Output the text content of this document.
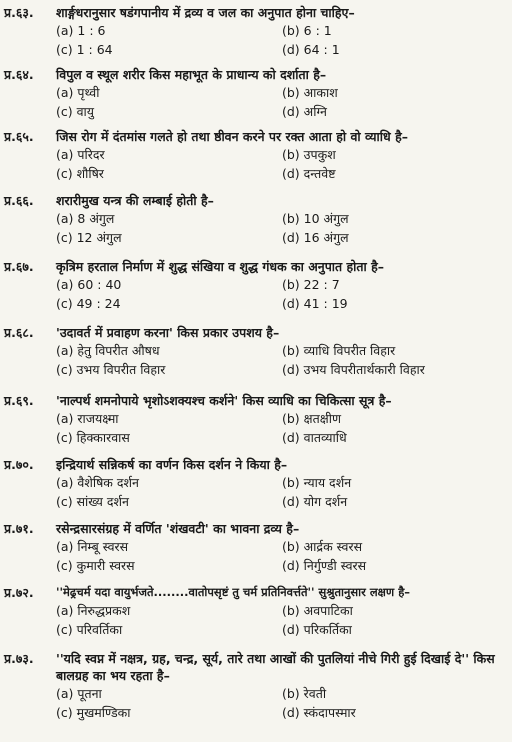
प्र.६३.	शार्ङ्गधरानुसार षडंगपानीय में द्रव्य व जल का अनुपात होना चाहिए–
(a) 1 : 6	(b) 6 : 1
(c) 1 : 64	(d) 64 : 1
प्र.६४.	विपुल व स्थूल शरीर किस महाभूत के प्राधान्य को दर्शाता है–
(a) पृथ्वी	(b) आकाश
(c) वायु	(d) अग्नि
प्र.६५.	जिस रोग में दंतमांस गलते हो तथा ष्ठीवन करने पर रक्त आता हो वो व्याधि है–
(a) परिदर	(b) उपकुश
(c) शौषिर	(d) दन्तवेष्ट
प्र.६६.	शरारीमुख यन्त्र की लम्बाई होती है–
(a) 8 अंगुल	(b) 10 अंगुल
(c) 12 अंगुल	(d) 16 अंगुल
प्र.६७.	कृत्रिम हरताल निर्माण में शुद्ध संखिया व शुद्ध गंधक का अनुपात होता है–
(a) 60 : 40	(b) 22 : 7
(c) 49 : 24	(d) 41 : 19
प्र.६८.	'उदावर्त में प्रवाहण करना' किस प्रकार उपशय है–
(a) हेतु विपरीत औषध	(b) व्याधि विपरीत विहार
(c) उभय विपरीत विहार	(d) उभय विपरीतार्थकारी विहार
प्र.६९.	'नाल्पर्थ शमनोपाये भृशोऽशक्यश्च कर्शने' किस व्याधि का चिकित्सा सूत्र है–
(a) राजयक्ष्मा	(b) क्षतक्षीण
(c) हिक्कारवास	(d) वातव्याधि
प्र.७०.	इन्द्रियार्थ सन्निकर्ष का वर्णन किस दर्शन ने किया है–
(a) वैशेषिक दर्शन	(b) न्याय दर्शन
(c) सांख्य दर्शन	(d) योग दर्शन
प्र.७१.	रसेन्द्रसारसंग्रह में वर्णित 'शंखवटी' का भावना द्रव्य है–
(a) निम्बू स्वरस	(b) आर्द्रक स्वरस
(c) कुमारी स्वरस	(d) निर्गुण्डी स्वरस
प्र.७२.	''मेढ्रचर्म यदा वायुर्भजते........वातोपसृष्टं तु चर्म प्रतिनिवर्त्तते'' सुश्रुतानुसार लक्षण है–
(a) निरुद्धप्रकश	(b) अवपाटिका
(c) परिवर्तिका	(d) परिकर्तिका
प्र.७३.	''यदि स्वप्न में नक्षत्र, ग्रह, चन्द्र, सूर्य, तारे तथा आखों की पुतलियां नीचे गिरी हुई दिखाई दे'' किस बालग्रह का भय रहता है–
(a) पूतना	(b) रेवती
(c) मुखमण्डिका	(d) स्कंदापस्मार
